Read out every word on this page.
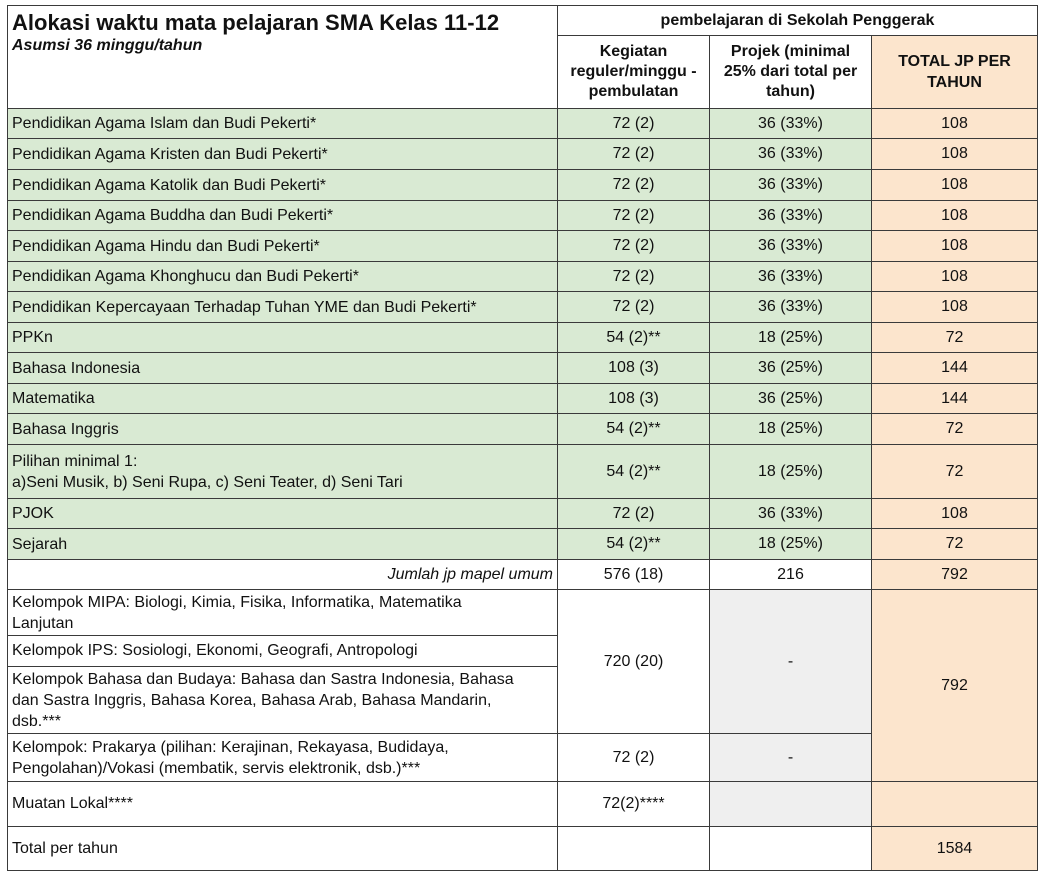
Alokasi waktu mata pelajaran SMA Kelas 11-12
Asumsi 36 minggu/tahun	pembelajaran di Sekolah Penggerak		
	Kegiatan reguler/minggu - pembulatan	Projek (minimal 25% dari total per tahun)	TOTAL JP PER TAHUN
Pendidikan Agama Islam dan Budi Pekerti*	72 (2)	36 (33%)	108
Pendidikan Agama Kristen dan Budi Pekerti*	72 (2)	36 (33%)	108
Pendidikan Agama Katolik dan Budi Pekerti*	72 (2)	36 (33%)	108
Pendidikan Agama Buddha dan Budi Pekerti*	72 (2)	36 (33%)	108
Pendidikan Agama Hindu dan Budi Pekerti*	72 (2)	36 (33%)	108
Pendidikan Agama Khonghucu dan Budi Pekerti*	72 (2)	36 (33%)	108
Pendidikan Kepercayaan Terhadap Tuhan YME dan Budi Pekerti*	72 (2)	36 (33%)	108
PPKn	54 (2)**	18 (25%)	72
Bahasa Indonesia	108 (3)	36 (25%)	144
Matematika	108 (3)	36 (25%)	144
Bahasa Inggris	54 (2)**	18 (25%)	72

Pilihan minimal 1:
a)Seni Musik, b) Seni Rupa, c) Seni Teater, d) Seni Tari	54 (2)**	18 (25%)	72
PJOK	72 (2)	36 (33%)	108
Sejarah	54 (2)**	18 (25%)	72
Jumlah jp mapel umum	576 (18)	216	792

Kelompok MIPA: Biologi, Kimia, Fisika, Informatika, Matematika
Lanjutan	720 (20)	-	792
Kelompok IPS: Sosiologi, Ekonomi, Geografi, Antropologi			

Kelompok Bahasa dan Budaya: Bahasa dan Sastra Indonesia, Bahasa
dan Sastra Inggris, Bahasa Korea, Bahasa Arab, Bahasa Mandarin,
dsb.***			

Kelompok: Prakarya (pilihan: Kerajinan, Rekayasa, Budidaya,
Pengolahan)/Vokasi (membatik, servis elektronik, dsb.)***	72 (2)	-	
Muatan Lokal****	72(2)****		
Total per tahun			1584
